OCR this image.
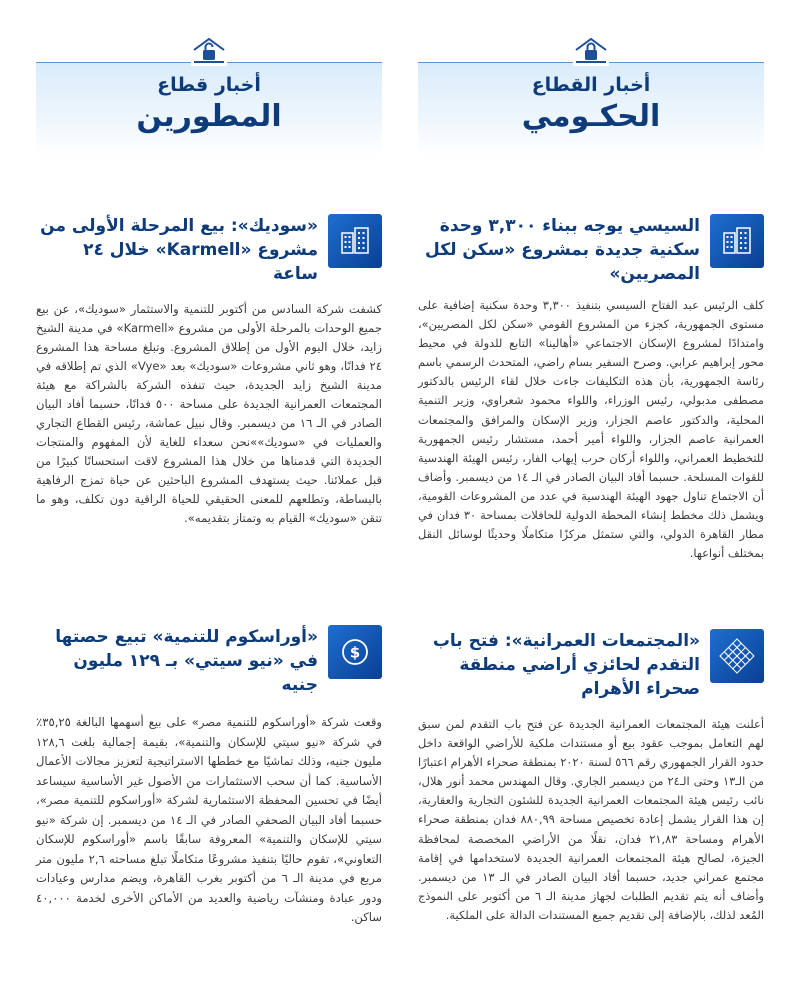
أخبار القطاع
الحكـومي
السيسي يوجه ببناء ٣,٣٠٠ وحدة سكنية جديدة بمشروع «سكن لكل المصريين»

كلف الرئيس عبد الفتاح السيسي بتنفيذ ٣,٣٠٠ وحدة سكنية إضافية على مستوى الجمهورية، كجزء من المشروع القومي «سكن لكل المصريين»، وامتدادًا لمشروع الإسكان الاجتماعي «أهالينا» التابع للدولة في محيط محور إبراهيم عرابي. وصرح السفير بسام راضي، المتحدث الرسمي باسم رئاسة الجمهورية، بأن هذه التكليفات جاءت خلال لقاء الرئيس بالدكتور مصطفى مدبولي، رئيس الوزراء، واللواء محمود شعراوي، وزير التنمية المحلية، والدكتور عاصم الجزار، وزير الإسكان والمرافق والمجتمعات العمرانية عاصم الجزار، واللواء أمير أحمد، مستشار رئيس الجمهورية للتخطيط العمراني، واللواء أركان حرب إيهاب الفار، رئيس الهيئة الهندسية للقوات المسلحة. حسبما أفاد البيان الصادر في الـ ١٤ من ديسمبر. وأضاف أن الاجتماع تناول جهود الهيئة الهندسية في عدد من المشروعات القومية، ويشمل ذلك مخطط إنشاء المحطة الدولية للحافلات بمساحة ٣٠ فدان في مطار القاهرة الدولي، والتي ستمثل مركزًا متكاملًا وحديثًا لوسائل النقل بمختلف أنواعها.

«المجتمعات العمرانية»: فتح باب التقدم لحائزي أراضي منطقة صحراء الأهرام

أعلنت هيئة المجتمعات العمرانية الجديدة عن فتح باب التقدم لمن سبق لهم التعامل بموجب عقود بيع أو مستندات ملكية للأراضي الواقعة داخل حدود القرار الجمهوري رقم ٥٦٦ لسنة ٢٠٢٠ بمنطقة صحراء الأهرام اعتبارًا من الـ١٣ وحتى الـ٢٤ من ديسمبر الجاري. وقال المهندس محمد أنور هلال، نائب رئيس هيئة المجتمعات العمرانية الجديدة للشئون التجارية والعقارية، إن هذا القرار يشمل إعادة تخصيص مساحة ٨٨٠,٩٩ فدان بمنطقة صحراء الأهرام ومساحة ٢١,٨٣ فدان، نقلًا من الأراضي المخصصة لمحافظة الجيزة، لصالح هيئة المجتمعات العمرانية الجديدة لاستخدامها في إقامة مجتمع عمراني جديد، حسبما أفاد البيان الصادر في الـ ١٣ من ديسمبر. وأضاف أنه يتم تقديم الطلبات لجهاز مدينة الـ ٦ من أكتوبر على النموذج المُعد لذلك، بالإضافة إلى تقديم جميع المستندات الدالة على الملكية.

أخبار قطاع
المطورين
«سوديك»: بيع المرحلة الأولى من مشروع «Karmell» خلال ٢٤ ساعة

كشفت شركة السادس من أكتوبر للتنمية والاستثمار «سوديك»، عن بيع جميع الوحدات بالمرحلة الأولى من مشروع «Karmell» في مدينة الشيخ زايد، خلال اليوم الأول من إطلاق المشروع. وتبلغ مساحة هذا المشروع ٢٤ فدانًا، وهو ثاني مشروعات «سوديك» بعد «Vye» الذي تم إطلاقه في مدينة الشيخ زايد الجديدة، حيث تنفذه الشركة بالشراكة مع هيئة المجتمعات العمرانية الجديدة على مساحة ٥٠٠ فدانًا، حسبما أفاد البيان الصادر في الـ ١٦ من ديسمبر. وقال نبيل عماشة، رئيس القطاع التجاري والعمليات في «سوديك»»نحن سعداء للغاية لأن المفهوم والمنتجات الجديدة التي قدمناها من خلال هذا المشروع لاقت استحسانًا كبيرًا من قبل عملائنا. حيث يستهدف المشروع الباحثين عن حياة تمزج الرفاهية بالبساطة، وتطلعهم للمعنى الحقيقي للحياة الراقية دون تكلف، وهو ما تتقن «سوديك» القيام به وتمتاز بتقديمه».

$
«أوراسكوم للتنمية» تبيع حصتها في «نيو سيتي» بـ ١٢٩ مليون جنيه

وقعت شركة «أوراسكوم للتنمية مصر» على بيع أسهمها البالغة ٣٥,٢٥٪ في شركة «نيو سيتي للإسكان والتنمية»، بقيمة إجمالية بلغت ١٢٨,٦ مليون جنيه، وذلك تماشيًا مع خططها الاستراتيجية لتعزيز مجالات الأعمال الأساسية. كما أن سحب الاستثمارات من الأصول غير الأساسية سيساعد أيضًا في تحسين المحفظة الاستثمارية لشركة «أوراسكوم للتنمية مصر»، حسبما أفاد البيان الصحفي الصادر في الـ ١٤ من ديسمبر. إن شركة «نيو سيتي للإسكان والتنمية» المعروفة سابقًا باسم «أوراسكوم للإسكان التعاوني»، تقوم حاليًا بتنفيذ مشروعًا متكاملًا تبلغ مساحته ٢,٦ مليون متر مربع في مدينة الـ ٦ من أكتوبر بغرب القاهرة، ويضم مدارس وعيادات ودور عبادة ومنشآت رياضية والعديد من الأماكن الأخرى لخدمة ٤٠,٠٠٠ ساكن.
